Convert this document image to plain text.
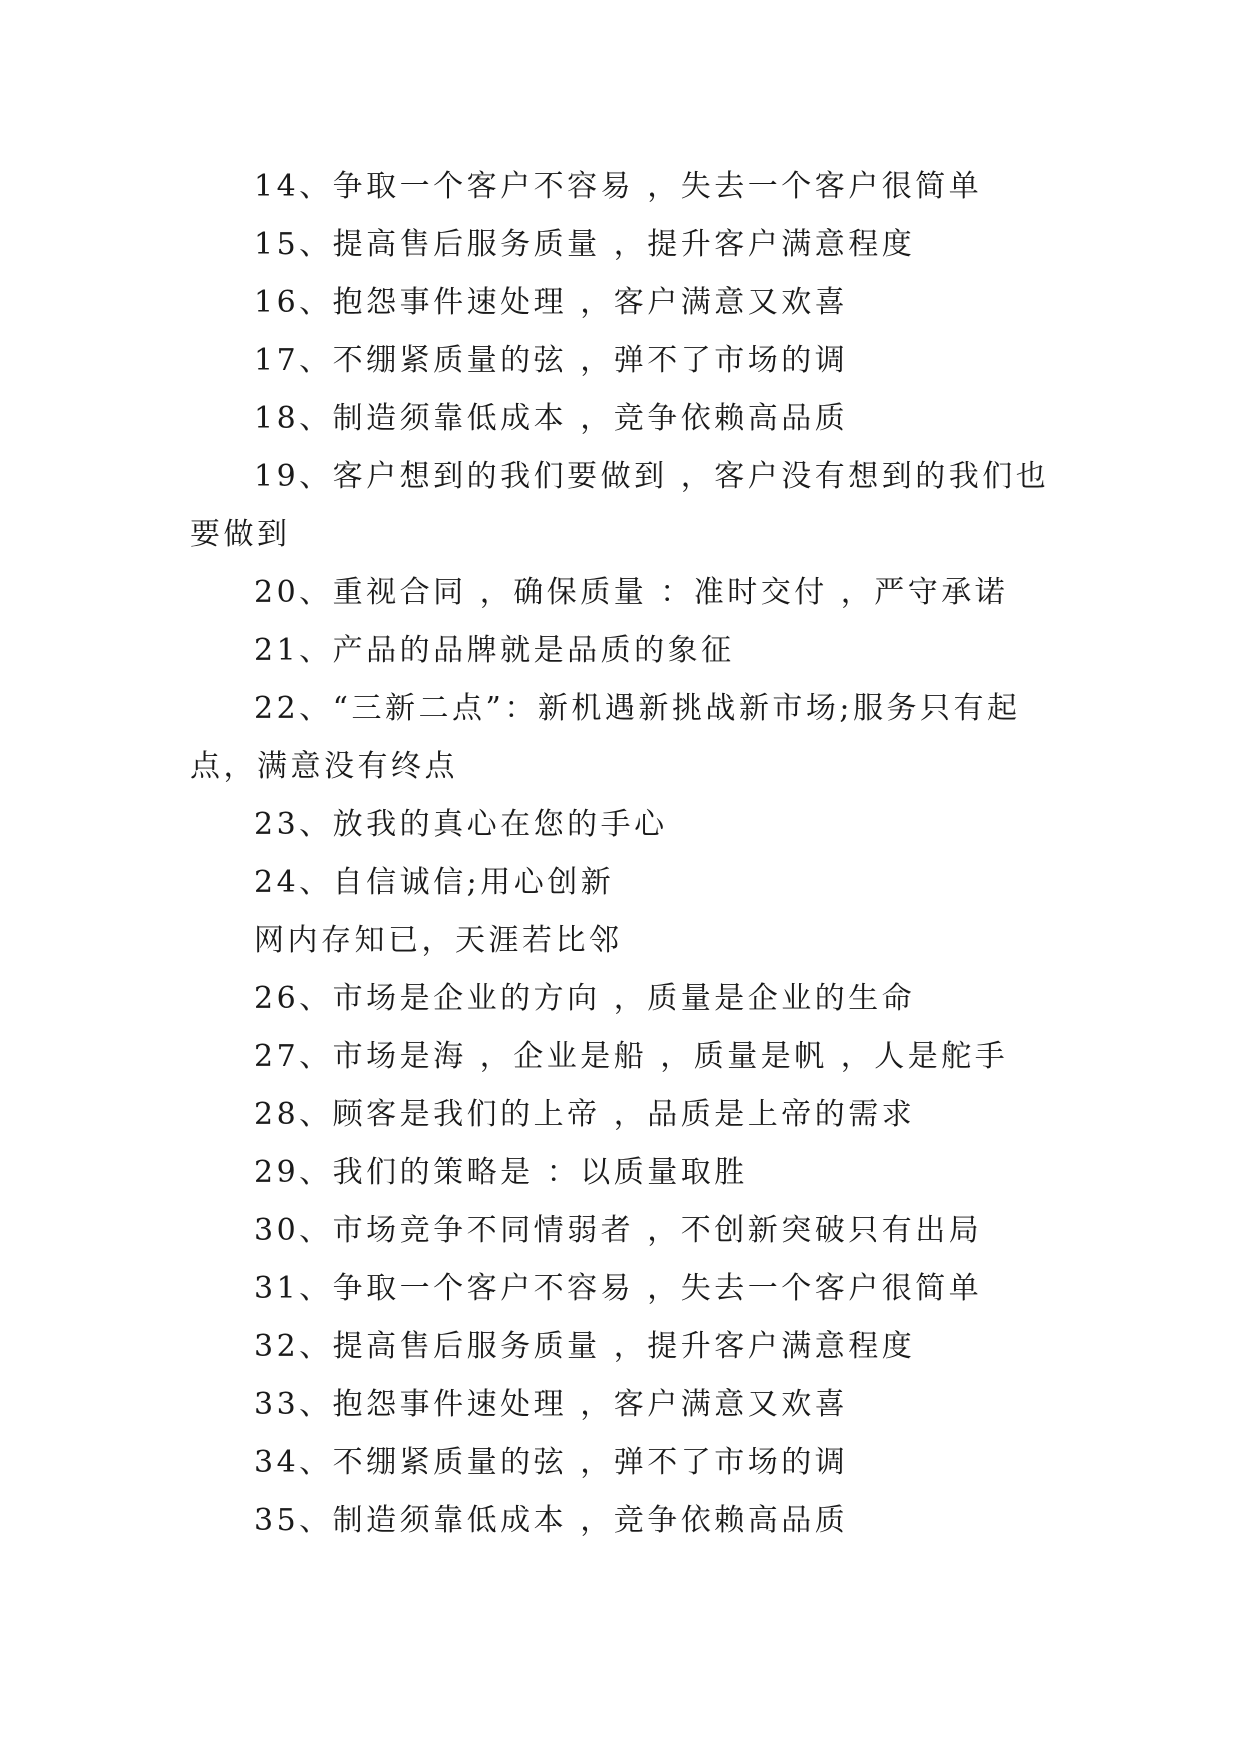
14、争取一个客户不容易 ，失去一个客户很简单

15、提高售后服务质量 ，提升客户满意程度

16、抱怨事件速处理 ，客户满意又欢喜

17、不绷紧质量的弦 ，弹不了市场的调

18、制造须靠低成本 ，竞争依赖高品质

19、客户想到的我们要做到 ，客户没有想到的我们也要做到

20、重视合同 ，确保质量 ：准时交付 ，严守承诺

21、产品的品牌就是品质的象征

22、“三新二点”：新机遇新挑战新市场;服务只有起点，满意没有终点

23、放我的真心在您的手心

24、自信诚信;用心创新

网内存知已，天涯若比邻

26、市场是企业的方向 ，质量是企业的生命

27、市场是海 ，企业是船 ，质量是帆 ，人是舵手

28、顾客是我们的上帝 ，品质是上帝的需求

29、我们的策略是 ：以质量取胜

30、市场竞争不同情弱者 ，不创新突破只有出局

31、争取一个客户不容易 ，失去一个客户很简单

32、提高售后服务质量 ，提升客户满意程度

33、抱怨事件速处理 ，客户满意又欢喜

34、不绷紧质量的弦 ，弹不了市场的调

35、制造须靠低成本 ，竞争依赖高品质
